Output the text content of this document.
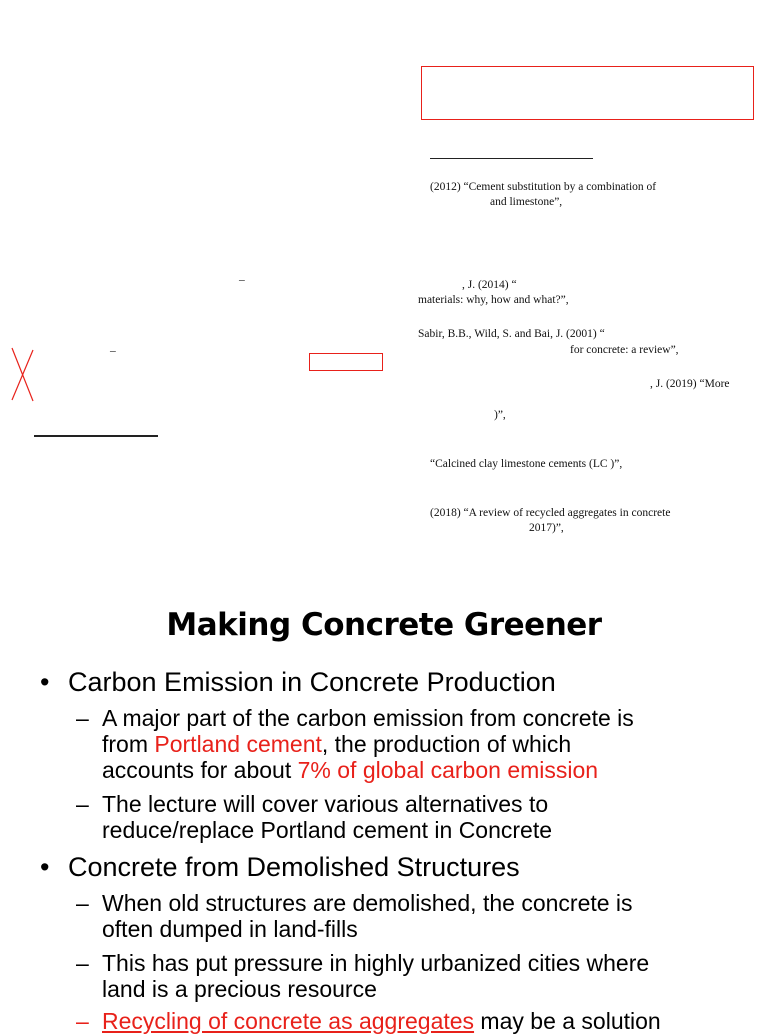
(2012) “Cement substitution by a combination of
and limestone”,
, J. (2014) “
materials: why, how and what?”,
Sabir, B.B., Wild, S. and Bai, J. (2001) “
for concrete: a review”,
, J. (2019) “More
)”,
“Calcined clay limestone cements (LC )”,
(2018) “A review of recycled aggregates in concrete
2017)”,
–
–
Making Concrete Greener
• Carbon Emission in Concrete Production
– A major part of the carbon emission from concrete is
from Portland cement, the production of which
accounts for about 7% of global carbon emission
– The lecture will cover various alternatives to
reduce/replace Portland cement in Concrete
• Concrete from Demolished Structures
– When old structures are demolished, the concrete is
often dumped in land-fills
– This has put pressure in highly urbanized cities where
land is a precious resource
– Recycling of concrete as aggregates may be a solution
